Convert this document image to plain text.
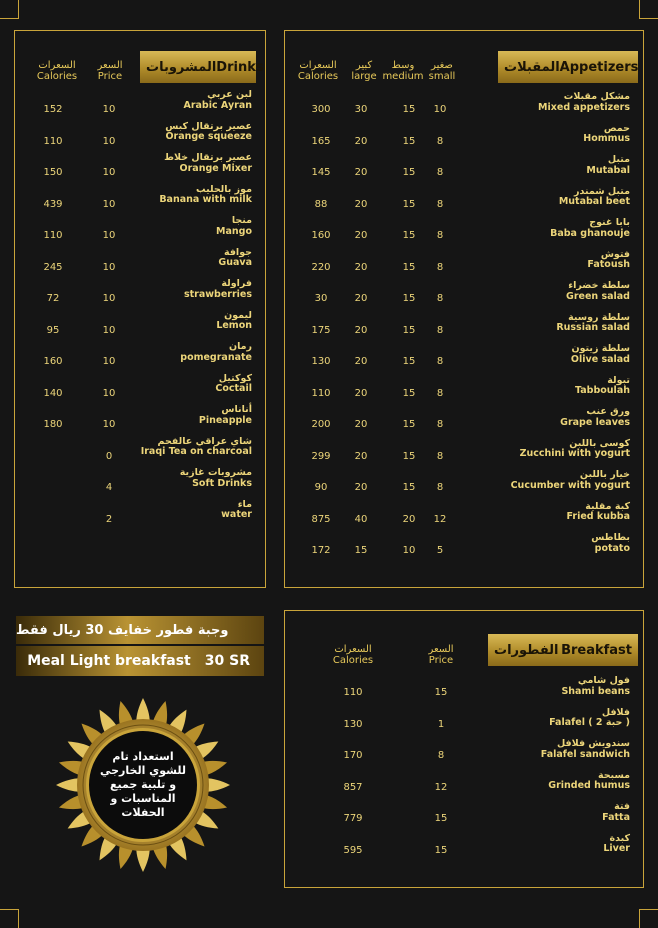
المشروبات Drinks
السعر
Price
السعرات
Calories
لبن عربي
Arabic Ayran
10
152
عصير برتقال كبس
Orange squeeze
10
110
عصير برتقال خلاط
Orange Mixer
10
150
موز بالحليب
Banana with milk
10
439
منجا
Mango
10
110
جوافة
Guava
10
245
فراولة
strawberries
10
72
ليمون
Lemon
10
95
رمان
pomegranate
10
160
كوكتيل
Coctail
10
140
أناناس
Pineapple
10
180
شاي عراقي عالفحم
Iraqi Tea on charcoal
0
مشروبات غازية
Soft Drinks
4
ماء
water
2
المقبلات Appetizers
صغير
small
وسط
medium
كبير
large
السعرات
Calories
مشكل مقبلات
Mixed appetizers
10
15
30
300
حمص
Hommus
8
15
20
165
متبل
Mutabal
8
15
20
145
متبل شمندر
Mutabal beet
8
15
20
88
بابا غنوج
Baba ghanouje
8
15
20
160
فتوش
Fatoush
8
15
20
220
سلطة خضراء
Green salad
8
15
20
30
سلطة روسية
Russian salad
8
15
20
175
سلطة زيتون
Olive salad
8
15
20
130
تبولة
Tabboulah
8
15
20
110
ورق عنب
Grape leaves
8
15
20
200
كوسى باللبن
Zucchini with yogurt
8
15
20
299
خيار باللبن
Cucumber with yogurt
8
15
20
90
كبة مقلية
Fried kubba
12
20
40
875
بطاطس
potato
5
10
15
172
وجبة فطور خفايف 30 ريال فقط
Meal Light breakfast 30 SR
استعداد تام
للشوي الخارجي
و تلبية جميع
المناسبات و الحفلات
الفطورات Breakfast
السعر
Price
السعرات
Calories
فول شامي
Shami beans
15
110
فلافل
Falafel ( 2 حبة )
1
130
سندويش فلافل
Falafel sandwich
8
170
مسبحة
Grinded humus
12
857
فتة
Fatta
15
779
كبدة
Liver
15
595
